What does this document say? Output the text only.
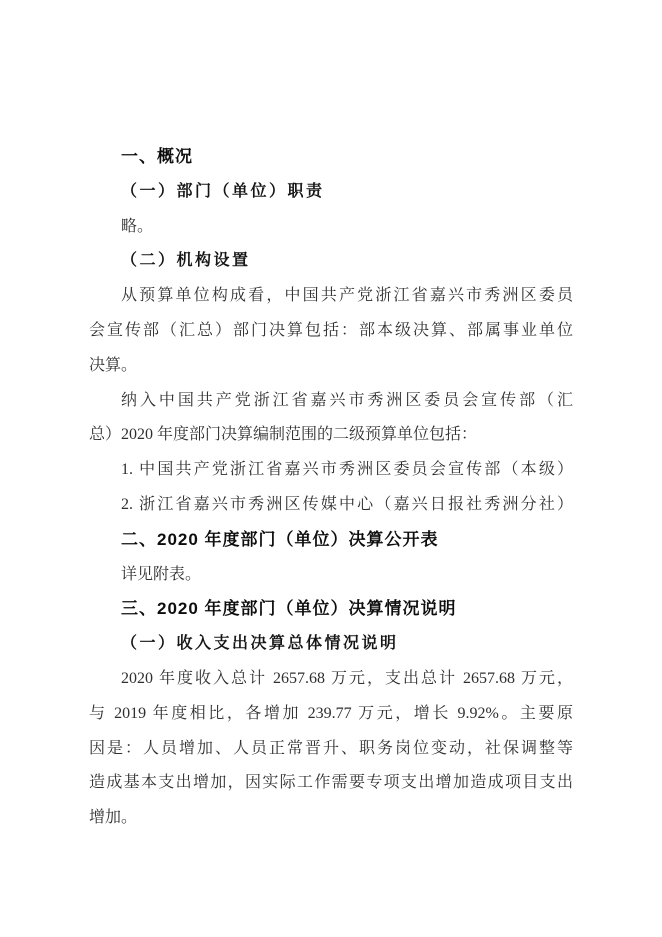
一、概况
（一）部门（单位）职责
略。
（二）机构设置
从预算单位构成看，中国共产党浙江省嘉兴市秀洲区委员
会宣传部（汇总）部门决算包括：部本级决算、部属事业单位
决算。
纳入中国共产党浙江省嘉兴市秀洲区委员会宣传部（汇
总）2020 年度部门决算编制范围的二级预算单位包括：
1. 中国共产党浙江省嘉兴市秀洲区委员会宣传部（本级）
2. 浙江省嘉兴市秀洲区传媒中心（嘉兴日报社秀洲分社）
二、2020 年度部门（单位）决算公开表
详见附表。
三、2020 年度部门（单位）决算情况说明
（一）收入支出决算总体情况说明
2020 年度收入总计 2657.68 万元，支出总计 2657.68 万元，
与 2019 年度相比，各增加 239.77 万元，增长 9.92%。主要原
因是：人员增加、人员正常晋升、职务岗位变动，社保调整等
造成基本支出增加，因实际工作需要专项支出增加造成项目支出
增加。
